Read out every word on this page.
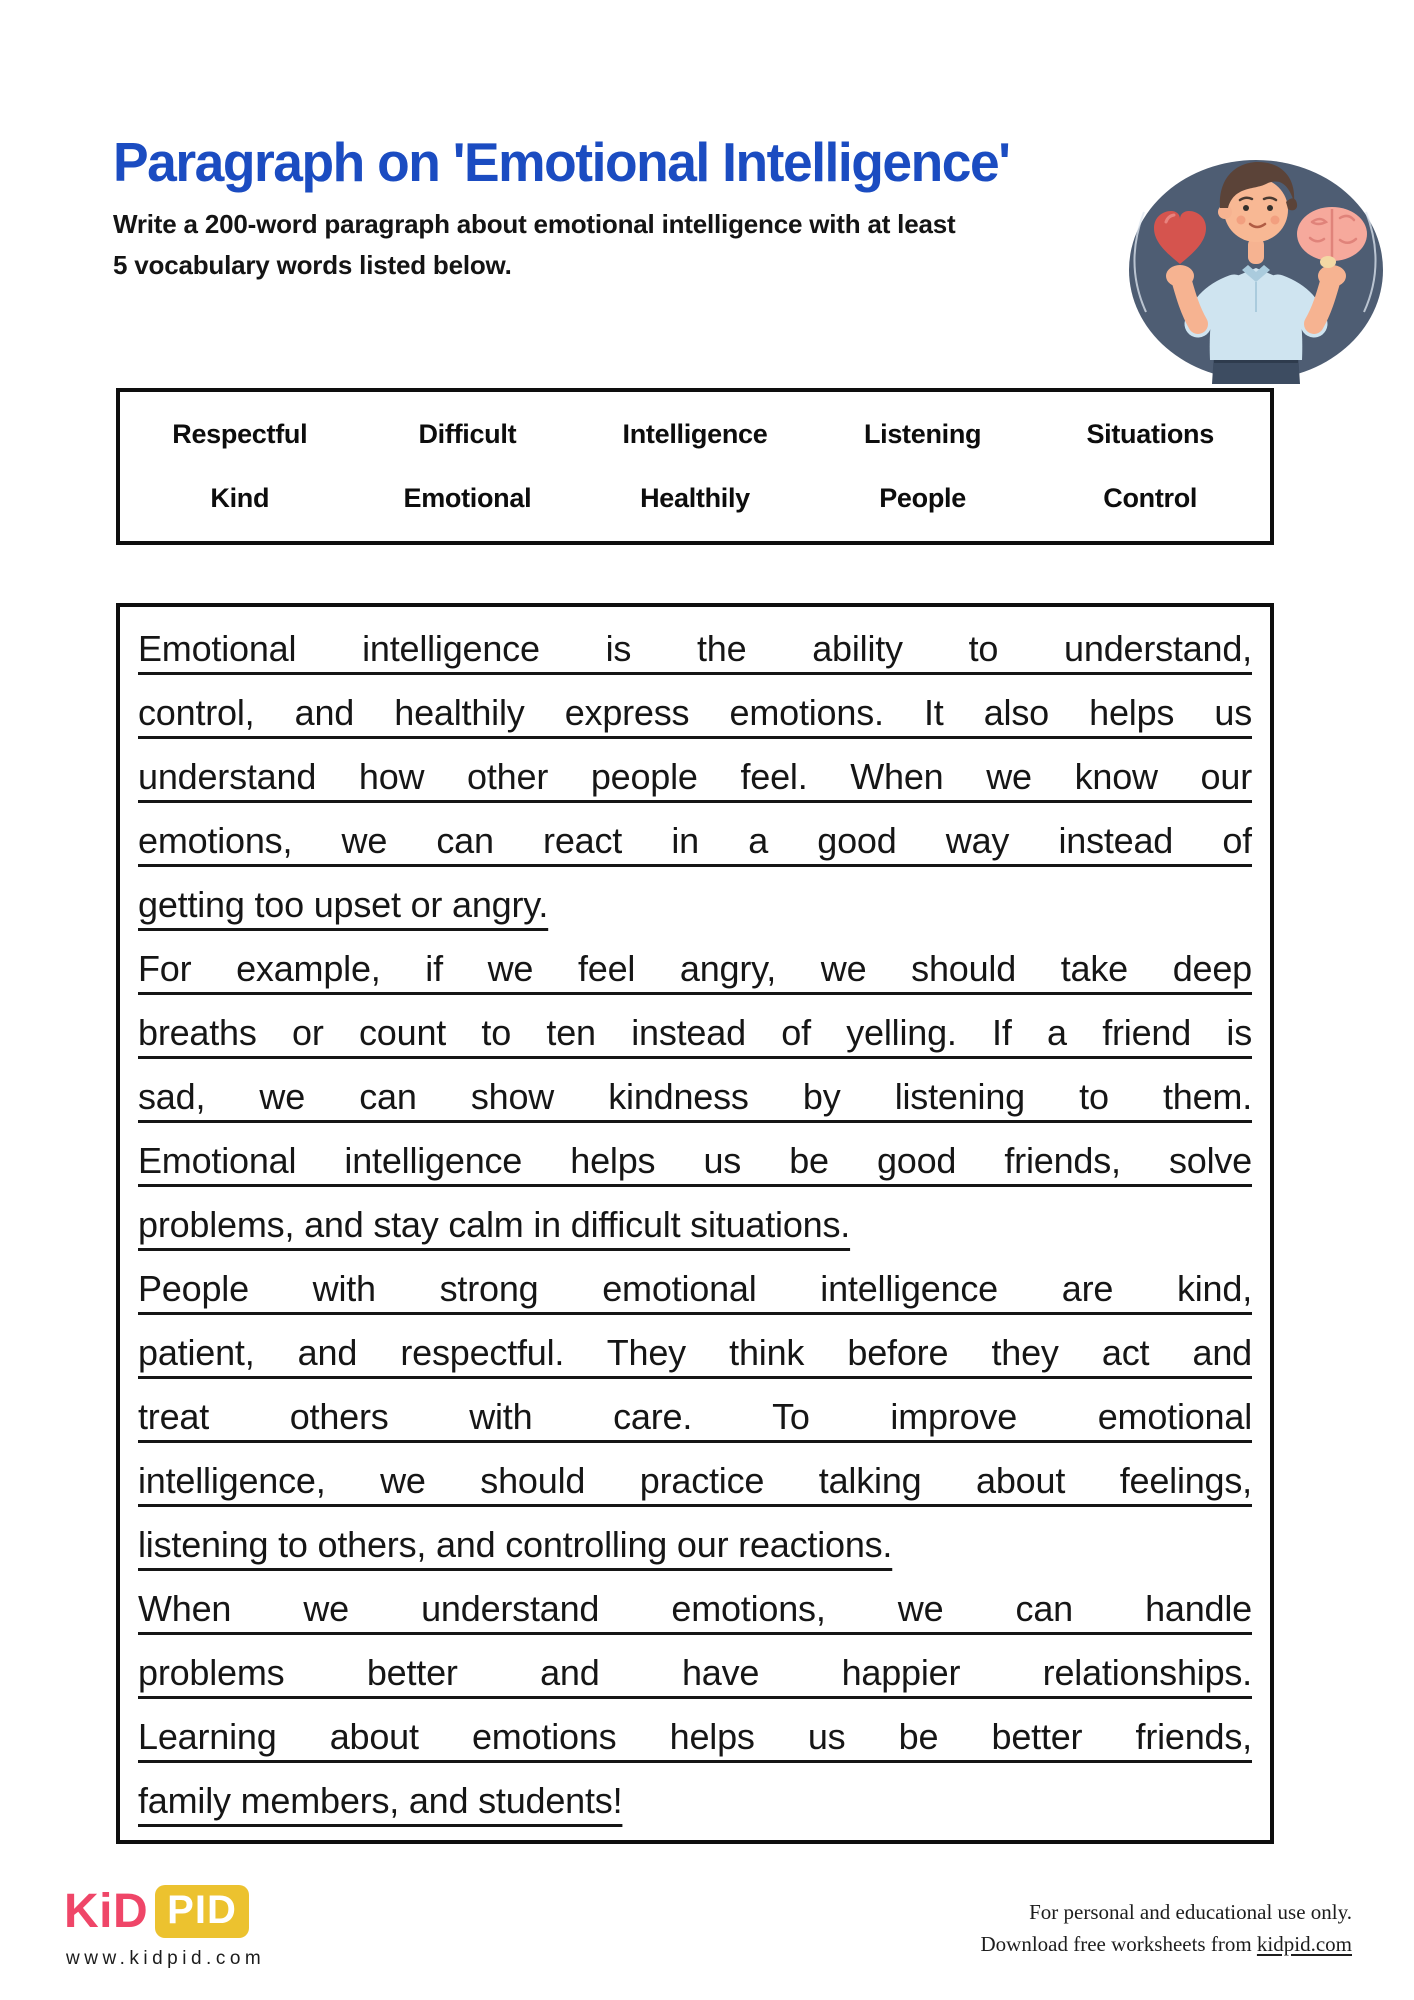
Paragraph on 'Emotional Intelligence'
Write a 200-word paragraph about emotional intelligence with at least
5 vocabulary words listed below.
Respectful	Difficult	Intelligence	Listening	Situations
Kind	Emotional	Healthily	People	Control
Emotional intelligence is the ability to understand,
control, and healthily express emotions. It also helps us
understand how other people feel. When we know our
emotions, we can react in a good way instead of
getting too upset or angry.
For example, if we feel angry, we should take deep
breaths or count to ten instead of yelling. If a friend is
sad, we can show kindness by listening to them.
Emotional intelligence helps us be good friends, solve
problems, and stay calm in difficult situations.
People with strong emotional intelligence are kind,
patient, and respectful. They think before they act and
treat others with care. To improve emotional
intelligence, we should practice talking about feelings,
listening to others, and controlling our reactions.
When we understand emotions, we can handle
problems better and have happier relationships.
Learning about emotions helps us be better friends,
family members, and students!
KiD PID
www.kidpid.com
For personal and educational use only.
Download free worksheets from kidpid.com
